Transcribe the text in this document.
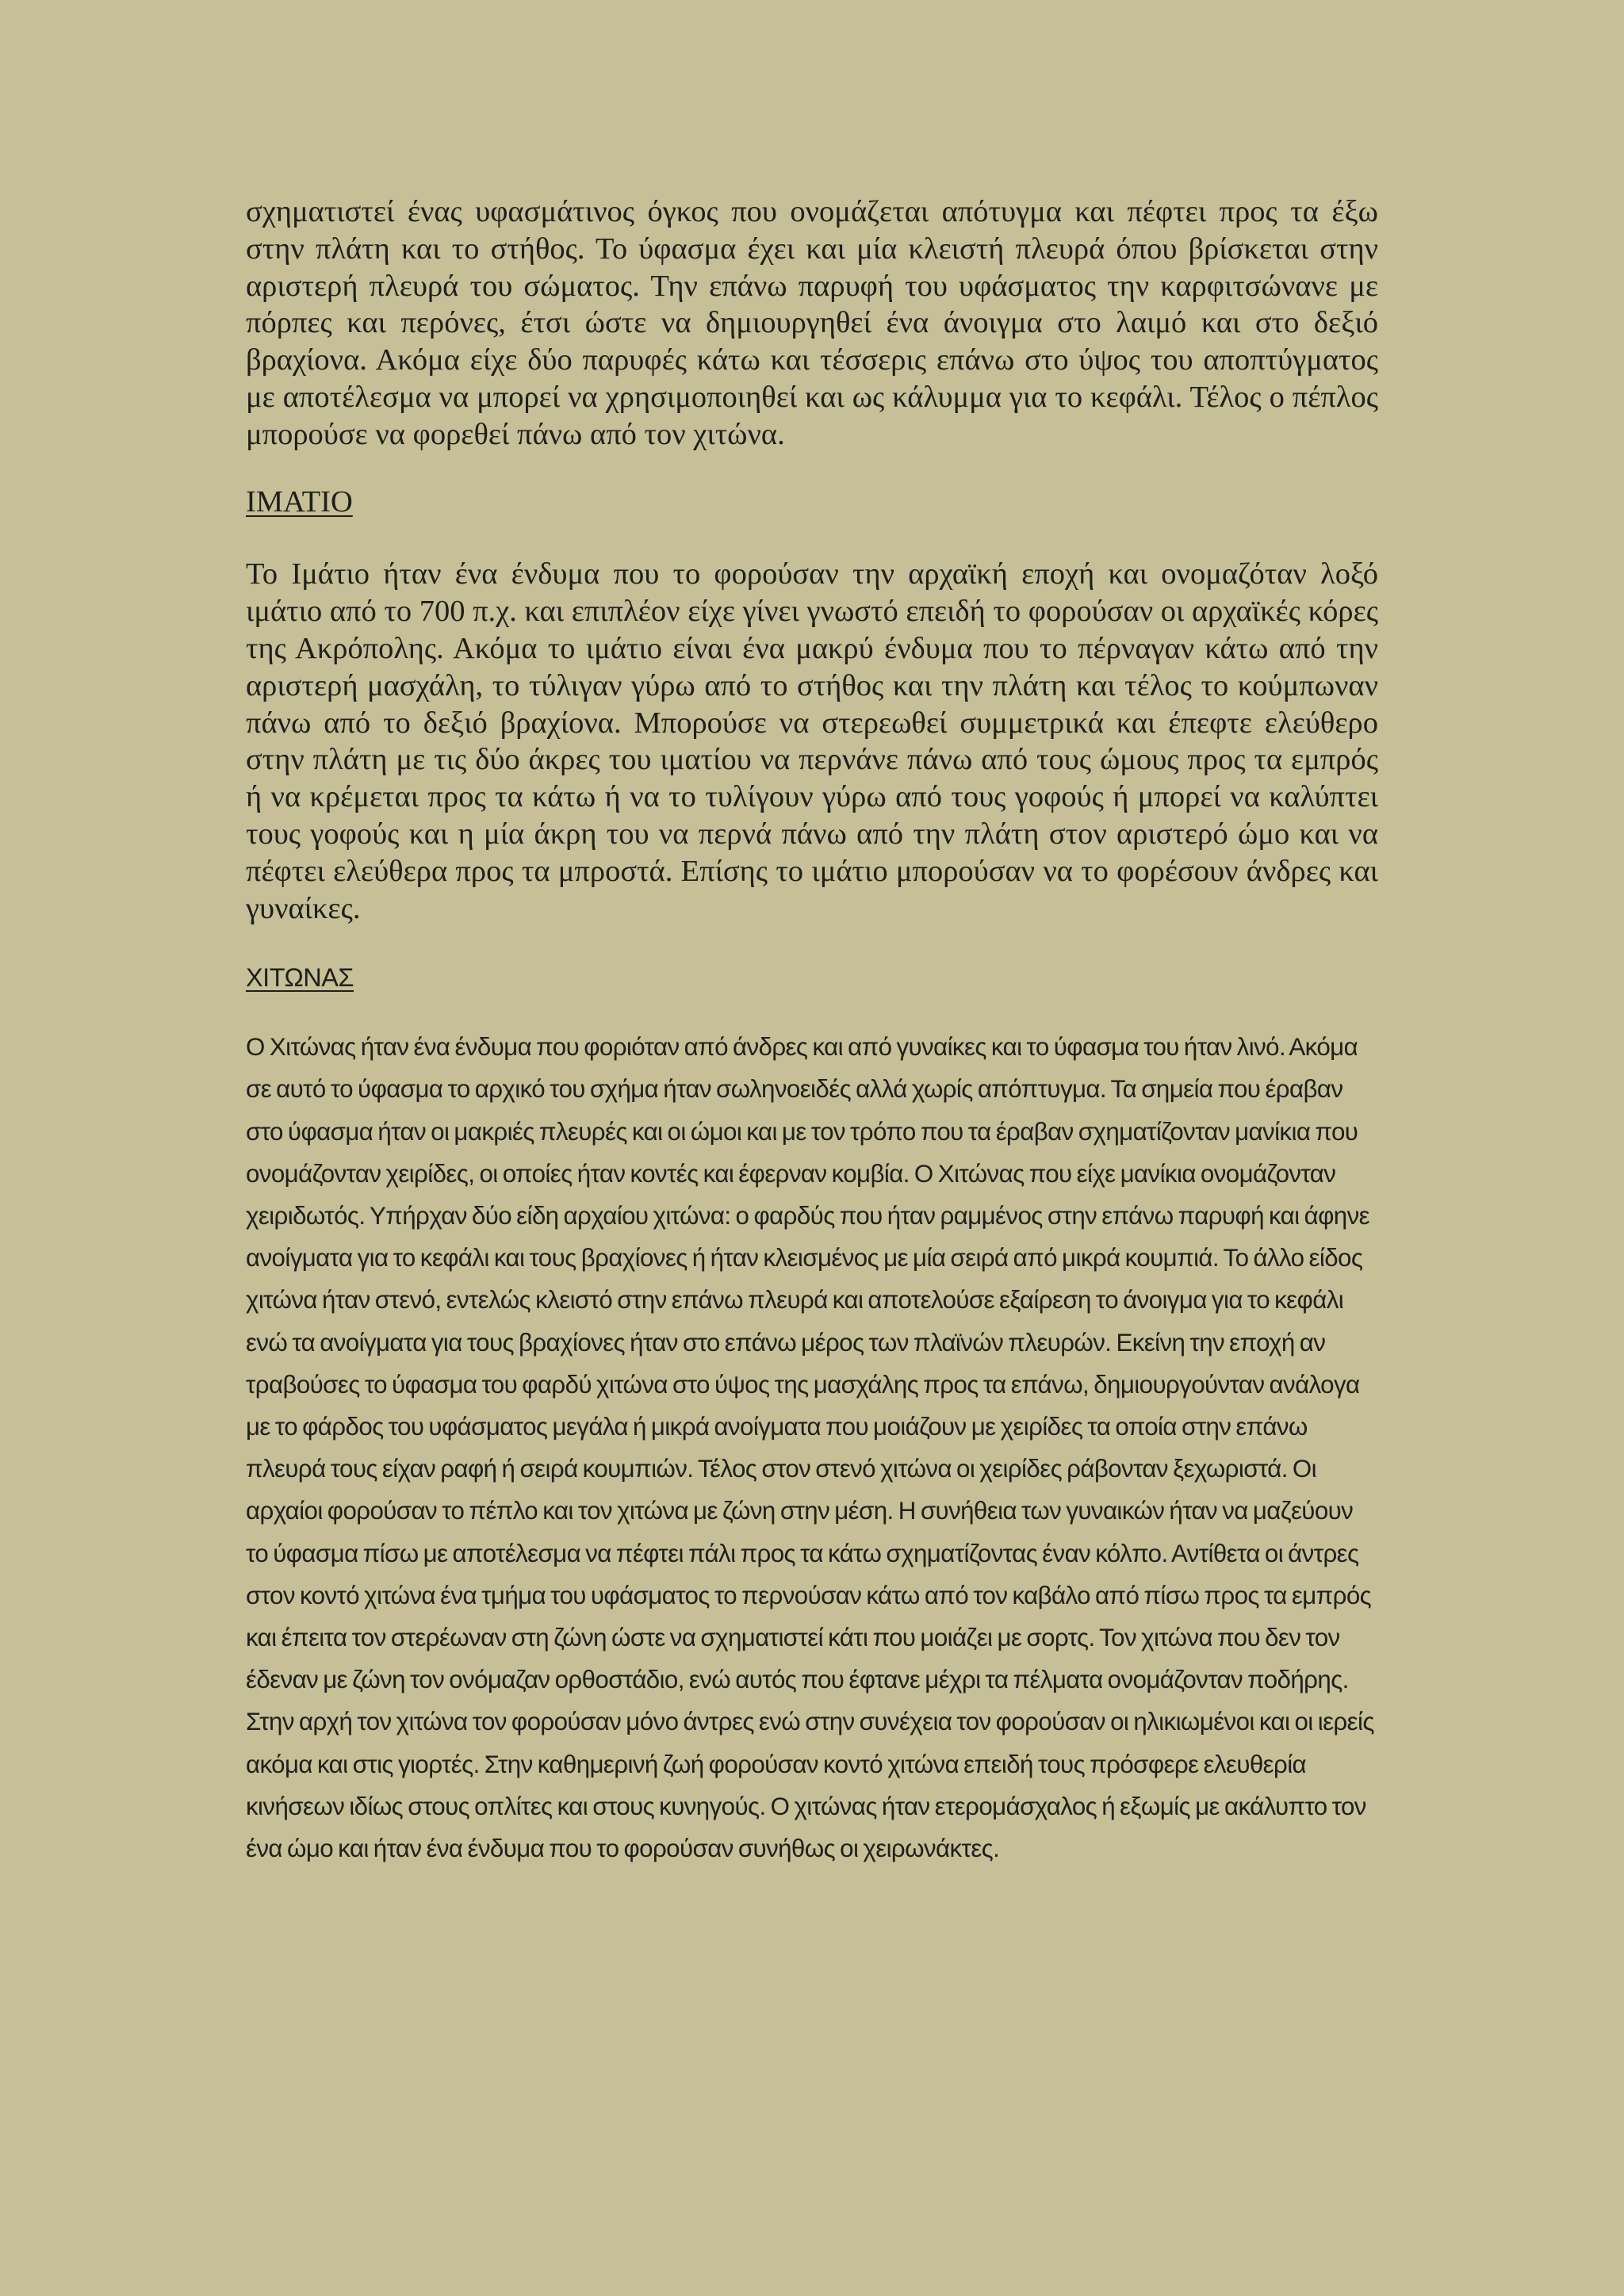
σχηματιστεί ένας υφασμάτινος όγκος που ονομάζεται απότυγμα και πέφτει προς τα έξω στην πλάτη και το στήθος. Το ύφασμα έχει και μία κλειστή πλευρά όπου βρίσκεται στην αριστερή πλευρά του σώματος. Την επάνω παρυφή του υφάσματος την καρφιτσώνανε με πόρπες και περόνες, έτσι ώστε να δημιουργηθεί ένα άνοιγμα στο λαιμό και στο δεξιό βραχίονα. Ακόμα είχε δύο παρυφές κάτω και τέσσερις επάνω στο ύψος του αποπτύγματος με αποτέλεσμα να μπορεί να χρησιμοποιηθεί και ως κάλυμμα για το κεφάλι. Τέλος ο πέπλος μπορούσε να φορεθεί πάνω από τον χιτώνα.

ΙΜΑΤΙΟ

Το Ιμάτιο ήταν ένα ένδυμα που το φορούσαν την αρχαϊκή εποχή και ονομαζόταν λοξό ιμάτιο από το 700 π.χ. και επιπλέον είχε γίνει γνωστό επειδή το φορούσαν οι αρχαϊκές κόρες της Ακρόπολης. Ακόμα το ιμάτιο είναι ένα μακρύ ένδυμα που το πέρναγαν κάτω από την αριστερή μασχάλη, το τύλιγαν γύρω από το στήθος και την πλάτη και τέλος το κούμπωναν πάνω από το δεξιό βραχίονα. Μπορούσε να στερεωθεί συμμετρικά και έπεφτε ελεύθερο στην πλάτη με τις δύο άκρες του ιματίου να περνάνε πάνω από τους ώμους προς τα εμπρός ή να κρέμεται προς τα κάτω ή να το τυλίγουν γύρω από τους γοφούς ή μπορεί να καλύπτει τους γοφούς και η μία άκρη του να περνά πάνω από την πλάτη στον αριστερό ώμο και να πέφτει ελεύθερα προς τα μπροστά. Επίσης το ιμάτιο μπορούσαν να το φορέσουν άνδρες και γυναίκες.

ΧΙΤΩΝΑΣ

Ο Χιτώνας ήταν ένα ένδυμα που φοριόταν από άνδρες και από γυναίκες και το ύφασμα του ήταν λινό. Ακόμα σε αυτό το ύφασμα το αρχικό του σχήμα ήταν σωληνοειδές αλλά χωρίς απόπτυγμα. Τα σημεία που έραβαν στο ύφασμα ήταν οι μακριές πλευρές και οι ώμοι και με τον τρόπο που τα έραβαν σχηματίζονταν μανίκια που ονομάζονταν χειρίδες, οι οποίες ήταν κοντές και έφερναν κομβία. Ο Χιτώνας που είχε μανίκια ονομάζονταν χειριδωτός. Υπήρχαν δύο είδη αρχαίου χιτώνα: ο φαρδύς που ήταν ραμμένος στην επάνω παρυφή και άφηνε ανοίγματα για το κεφάλι και τους βραχίονες ή ήταν κλεισμένος με μία σειρά από μικρά κουμπιά. Το άλλο είδος χιτώνα ήταν στενό, εντελώς κλειστό στην επάνω πλευρά και αποτελούσε εξαίρεση το άνοιγμα για το κεφάλι ενώ τα ανοίγματα για τους βραχίονες ήταν στο επάνω μέρος των πλαϊνών πλευρών. Εκείνη την εποχή αν τραβούσες το ύφασμα του φαρδύ χιτώνα στο ύψος της μασχάλης προς τα επάνω, δημιουργούνταν ανάλογα με το φάρδος του υφάσματος μεγάλα ή μικρά ανοίγματα που μοιάζουν με χειρίδες τα οποία στην επάνω πλευρά τους είχαν ραφή ή σειρά κουμπιών. Τέλος στον στενό χιτώνα οι χειρίδες ράβονταν ξεχωριστά. Οι αρχαίοι φορούσαν το πέπλο και τον χιτώνα με ζώνη στην μέση. Η συνήθεια των γυναικών ήταν να μαζεύουν το ύφασμα πίσω με αποτέλεσμα να πέφτει πάλι προς τα κάτω σχηματίζοντας έναν κόλπο. Αντίθετα οι άντρες στον κοντό χιτώνα ένα τμήμα του υφάσματος το περνούσαν κάτω από τον καβάλο από πίσω προς τα εμπρός και έπειτα τον στερέωναν στη ζώνη ώστε να σχηματιστεί κάτι που μοιάζει με σορτς. Τον χιτώνα που δεν τον έδεναν με ζώνη τον ονόμαζαν ορθοστάδιο, ενώ αυτός που έφτανε μέχρι τα πέλματα ονομάζονταν ποδήρης. Στην αρχή τον χιτώνα τον φορούσαν μόνο άντρες ενώ στην συνέχεια τον φορούσαν οι ηλικιωμένοι και οι ιερείς ακόμα και στις γιορτές. Στην καθημερινή ζωή φορούσαν κοντό χιτώνα επειδή τους πρόσφερε ελευθερία κινήσεων ιδίως στους οπλίτες και στους κυνηγούς. Ο χιτώνας ήταν ετερομάσχαλος ή εξωμίς με ακάλυπτο τον ένα ώμο και ήταν ένα ένδυμα που το φορούσαν συνήθως οι χειρωνάκτες.
